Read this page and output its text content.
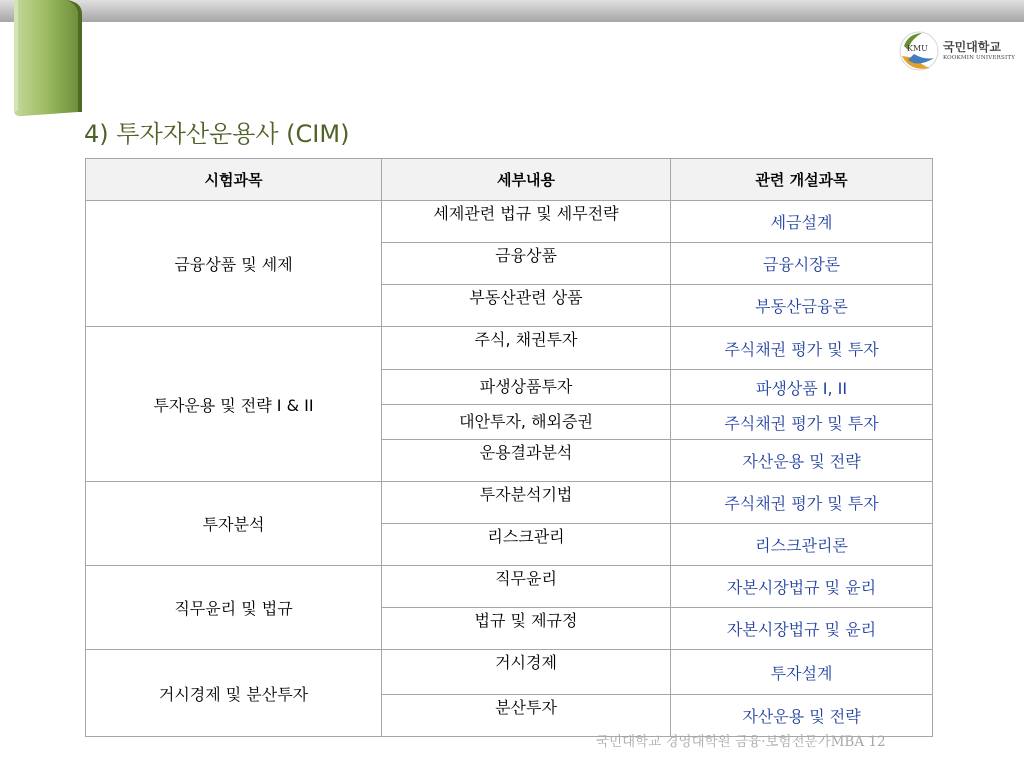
KMU 국민대학교
KOOKMIN UNIVERSITY
4) 투자자산운용사 (CIM)
시험과목	세부내용	관련 개설과목
금융상품 및 세제	세제관련 법규 및 세무전략	세금설계
	금융상품	금융시장론
	부동산관련 상품	부동산금융론
투자운용 및 전략 I & II	주식, 채권투자	주식채권 평가 및 투자
	파생상품투자	파생상품 I, II
	대안투자, 해외증권	주식채권 평가 및 투자
	운용결과분석	자산운용 및 전략
투자분석	투자분석기법	주식채권 평가 및 투자
	리스크관리	리스크관리론
직무윤리 및 법규	직무윤리	자본시장법규 및 윤리
	법규 및 제규정	자본시장법규 및 윤리
거시경제 및 분산투자	거시경제	투자설계
	분산투자	자산운용 및 전략
국민대학교 경영대학원 금융·보험전문가MBA 12
